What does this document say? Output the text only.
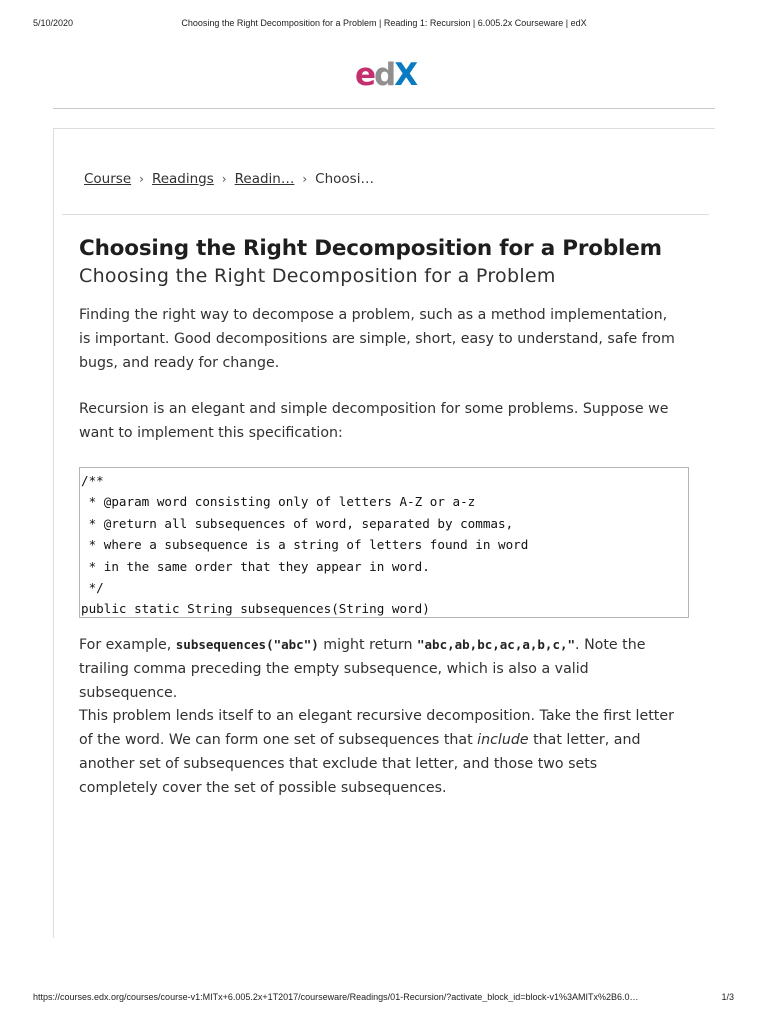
5/10/2020	Choosing the Right Decomposition for a Problem | Reading 1: Recursion | 6.005.2x Courseware | edX
edX
Course › Readings › Readin… › Choosi…
Choosing the Right Decomposition for a Problem
Choosing the Right Decomposition for a Problem

Finding the right way to decompose a problem, such as a method implementation, is important. Good decompositions are simple, short, easy to understand, safe from bugs, and ready for change.

Recursion is an elegant and simple decomposition for some problems. Suppose we want to implement this specification:

/**
* @param word consisting only of letters A-Z or a-z
* @return all subsequences of word, separated by commas,
* where a subsequence is a string of letters found in word
* in the same order that they appear in word.
*/
public static String subsequences(String word)

For example, subsequences("abc") might return "abc,ab,bc,ac,a,b,c,". Note the trailing comma preceding the empty subsequence, which is also a valid subsequence.

This problem lends itself to an elegant recursive decomposition. Take the first letter of the word. We can form one set of subsequences that include that letter, and another set of subsequences that exclude that letter, and those two sets completely cover the set of possible subsequences.

https://courses.edx.org/courses/course-v1:MITx+6.005.2x+1T2017/courseware/Readings/01-Recursion/?activate_block_id=block-v1%3AMITx%2B6.0…	1/3
